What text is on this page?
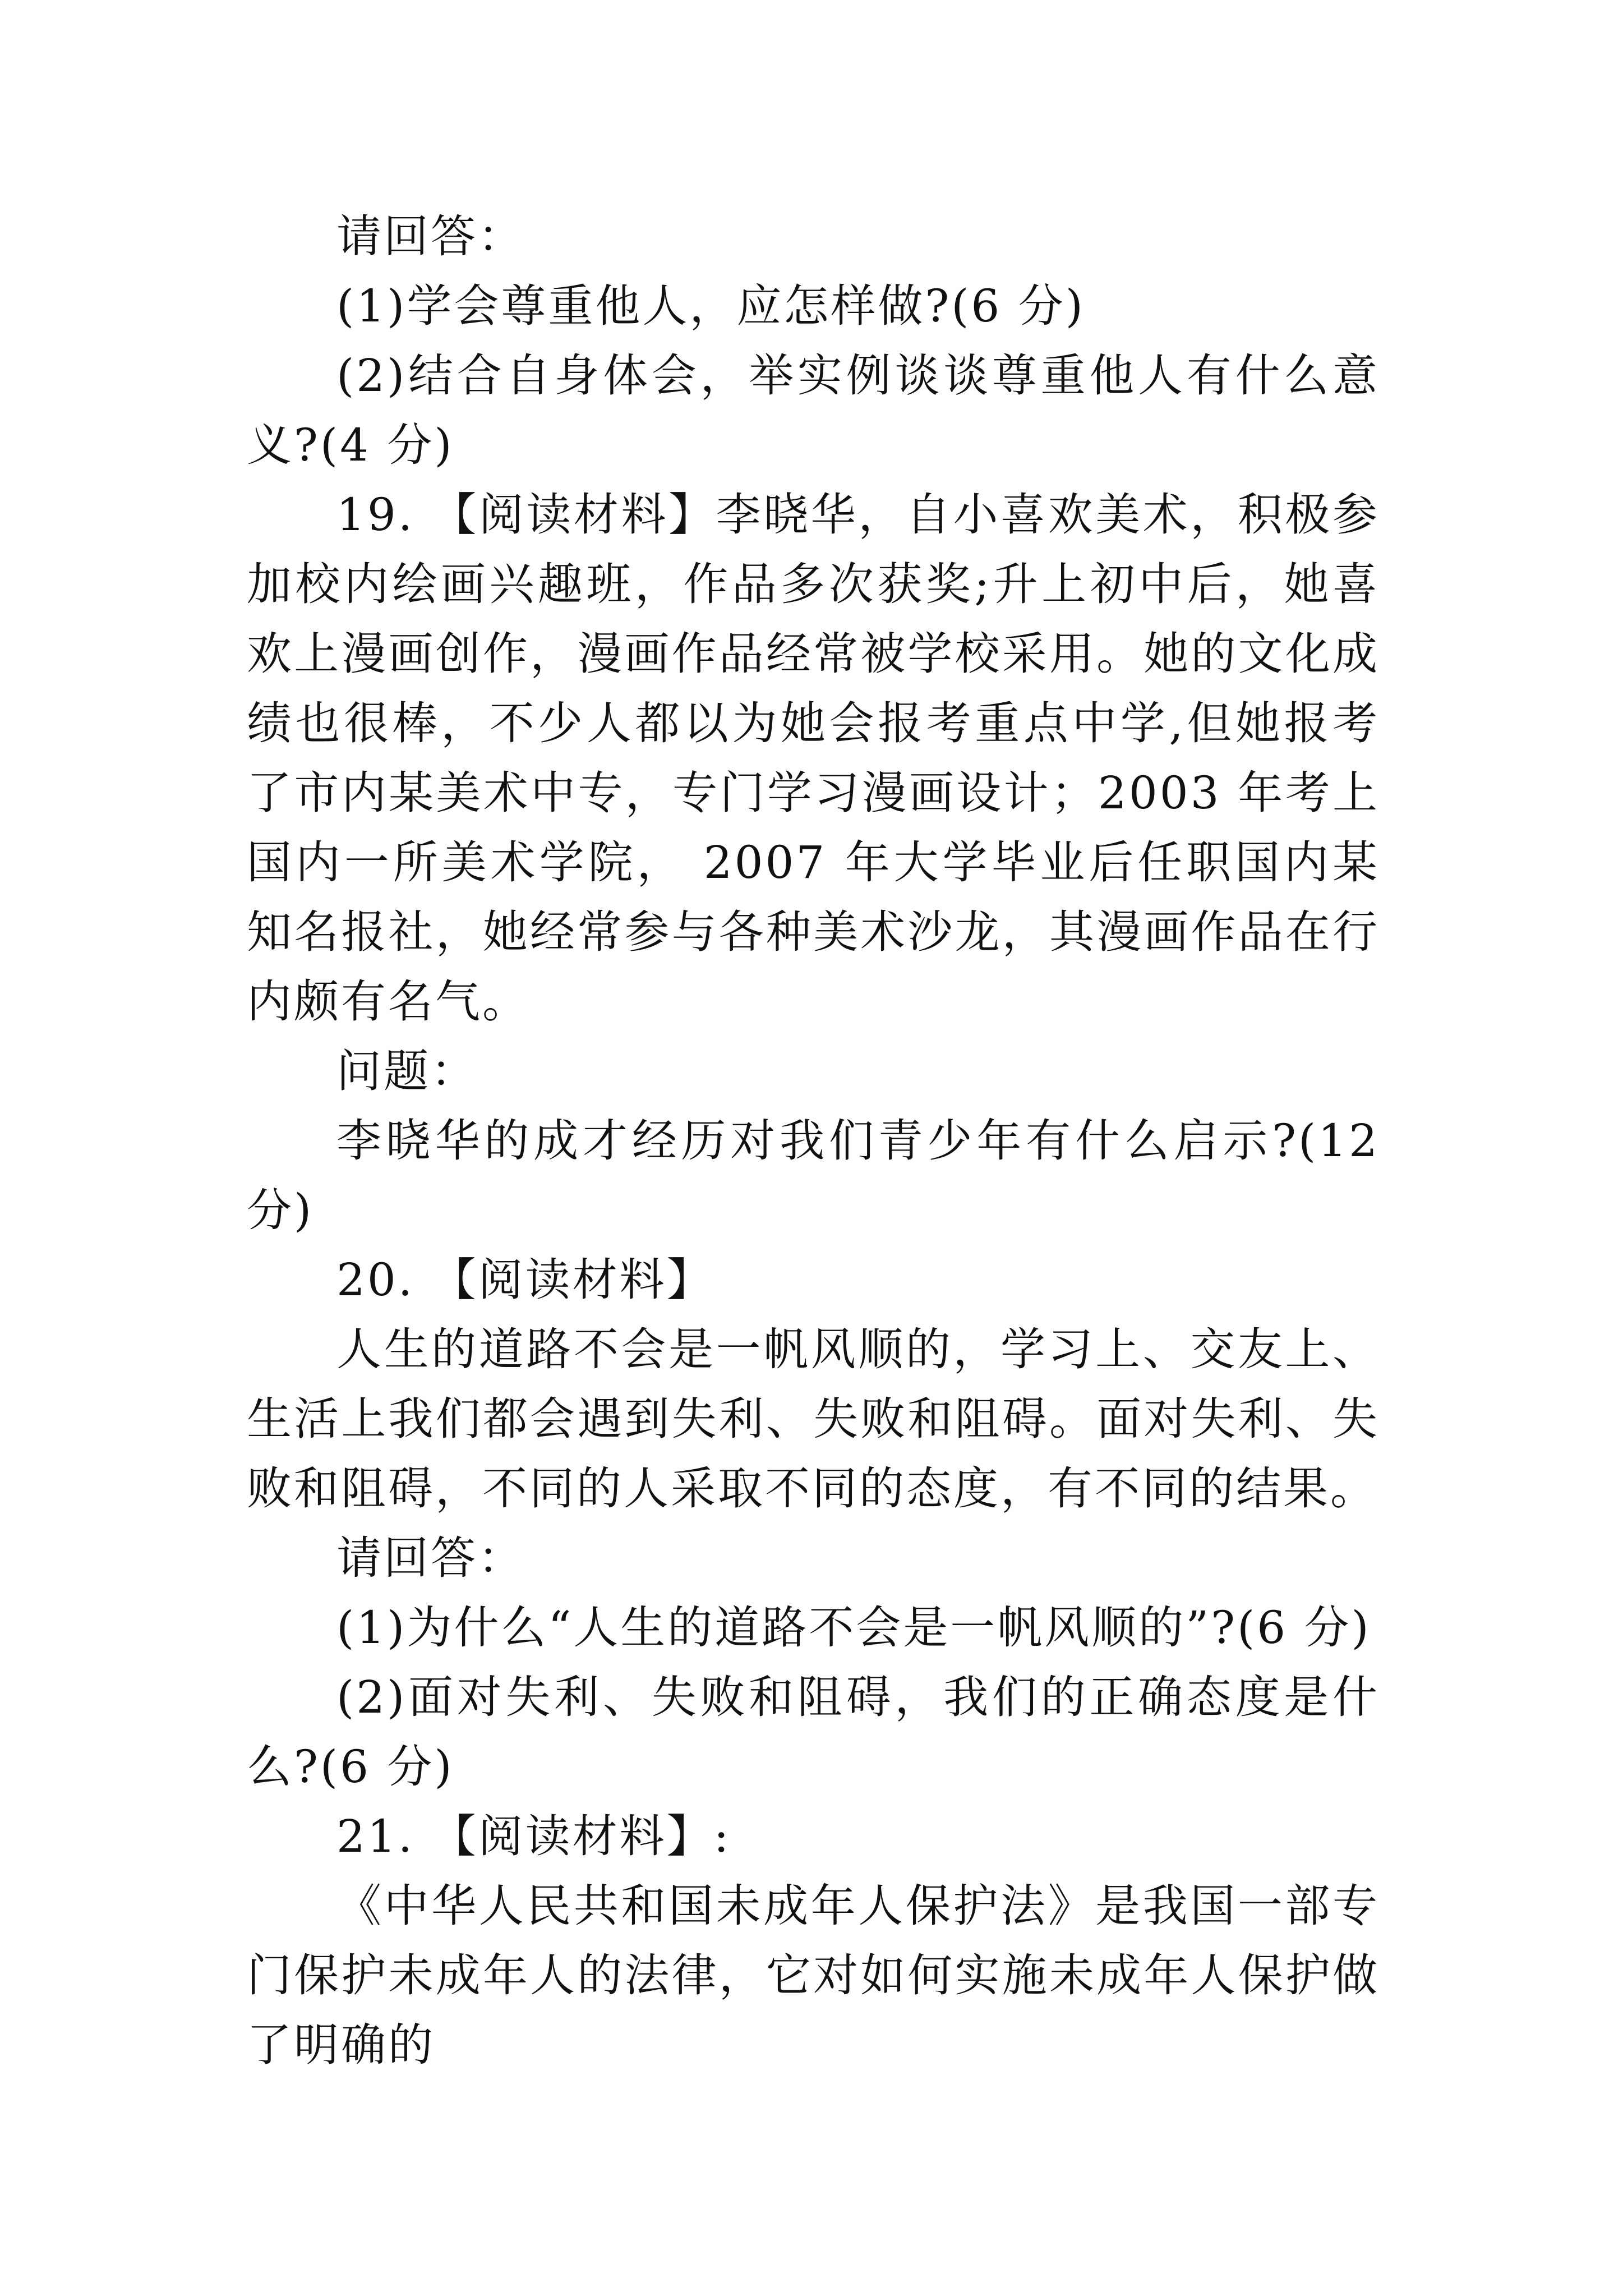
请回答：

(1)学会尊重他人，应怎样做?(6 分)

(2)结合自身体会，举实例谈谈尊重他人有什么意义?(4 分)

19. 【阅读材料】李晓华，自小喜欢美术，积极参加校内绘画兴趣班，作品多次获奖;升上初中后，她喜欢上漫画创作，漫画作品经常被学校采用。她的文化成绩也很棒，不少人都以为她会报考重点中学,但她报考了市内某美术中专，专门学习漫画设计；2003 年考上国内一所美术学院， 2007 年大学毕业后任职国内某知名报社，她经常参与各种美术沙龙，其漫画作品在行内颇有名气。

问题：

李晓华的成才经历对我们青少年有什么启示?(12 分)

20. 【阅读材料】

人生的道路不会是一帆风顺的，学习上、交友上、生活上我们都会遇到失利、失败和阻碍。面对失利、失败和阻碍，不同的人采取不同的态度，有不同的结果。

请回答：

(1)为什么“人生的道路不会是一帆风顺的”?(6 分)

(2)面对失利、失败和阻碍，我们的正确态度是什么?(6 分)

21. 【阅读材料】:

《中华人民共和国未成年人保护法》是我国一部专门保护未成年人的法律，它对如何实施未成年人保护做了明确的
